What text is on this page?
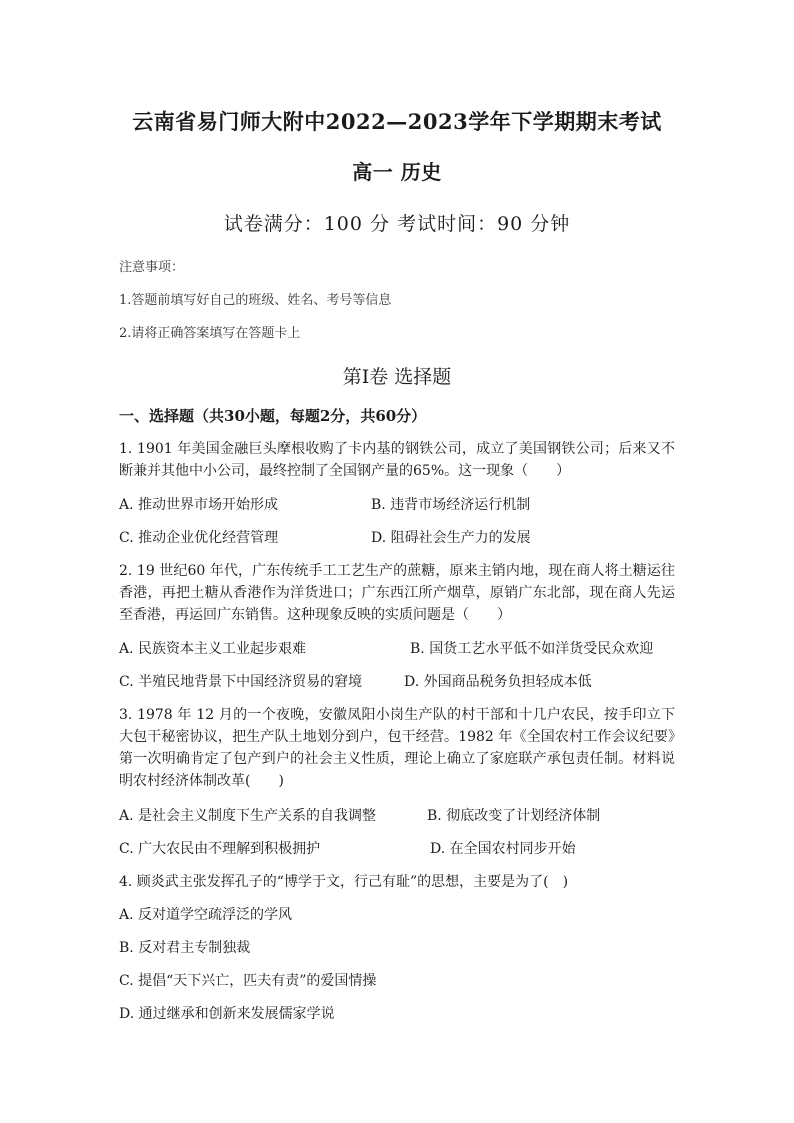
云南省易门师大附中2022—2023学年下学期期末考试
高一 历史
试卷满分：100 分 考试时间：90 分钟
注意事项：
1.答题前填写好自己的班级、姓名、考号等信息
2.请将正确答案填写在答题卡上
第Ⅰ卷 选择题
一、选择题（共30小题，每题2分，共60分）
1. 1901 年美国金融巨头摩根收购了卡内基的钢铁公司，成立了美国钢铁公司；后来又不断兼并其他中小公司，最终控制了全国钢产量的65%。这一现象（　　）
A. 推动世界市场开始形成	B. 违背市场经济运行机制
C. 推动企业优化经营管理	D. 阻碍社会生产力的发展
2. 19 世纪60 年代，广东传统手工工艺生产的蔗糖，原来主销内地，现在商人将土糖运往香港，再把土糖从香港作为洋货进口；广东西江所产烟草，原销广东北部，现在商人先运至香港，再运回广东销售。这种现象反映的实质问题是（　　）
A. 民族资本主义工业起步艰难	B. 国货工艺水平低不如洋货受民众欢迎
C. 半殖民地背景下中国经济贸易的窘境	D. 外国商品税务负担轻成本低
3. 1978 年 12 月的一个夜晚，安徽凤阳小岗生产队的村干部和十几户农民，按手印立下大包干秘密协议，把生产队土地划分到户，包干经营。1982 年《全国农村工作会议纪要》第一次明确肯定了包产到户的社会主义性质，理论上确立了家庭联产承包责任制。材料说明农村经济体制改革(　　)
A. 是社会主义制度下生产关系的自我调整	B. 彻底改变了计划经济体制
C. 广大农民由不理解到积极拥护	D. 在全国农村同步开始
4. 顾炎武主张发挥孔子的“博学于文，行己有耻”的思想，主要是为了(　)
A. 反对道学空疏浮泛的学风
B. 反对君主专制独裁
C. 提倡“天下兴亡，匹夫有责”的爱国情操
D. 通过继承和创新来发展儒家学说
